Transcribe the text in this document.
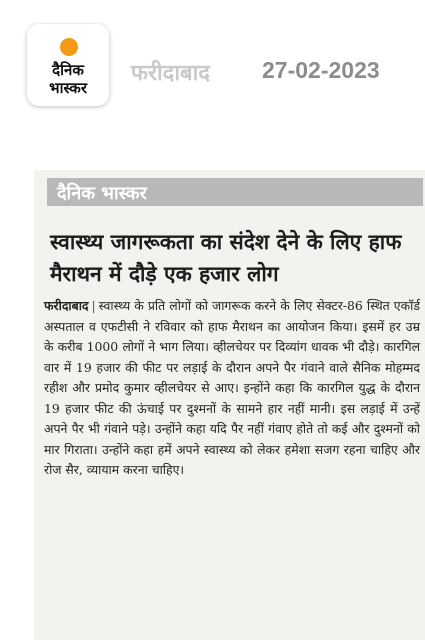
दैनिक
भास्कर
फरीदाबाद 27-02-2023
दैनिक भास्कर
स्वास्थ्य जागरूकता का संदेश देने के लिए हाफ मैराथन में दौड़े एक हजार लोग
फरीदाबाद | स्वास्थ्य के प्रति लोगों को जागरूक करने के लिए सेक्टर-86 स्थित एकॉर्ड अस्पताल व एफटीसी ने रविवार को हाफ मैराथन का आयोजन किया। इसमें हर उम्र के करीब 1000 लोगों ने भाग लिया। व्हीलचेयर पर दिव्यांग धावक भी दौड़े। कारगिल वार में 19 हजार की फीट पर लड़ाई के दौरान अपने पैर गंवाने वाले सैनिक मोहम्मद रहीश और प्रमोद कुमार व्हीलचेयर से आए। इन्होंने कहा कि कारगिल युद्ध के दौरान 19 हजार फीट की ऊंचाई पर दुश्मनों के सामने हार नहीं मानी। इस लड़ाई में उन्हें अपने पैर भी गंवाने पड़े। उन्होंने कहा यदि पैर नहीं गंवाए होते तो कई और दुश्मनों को मार गिराता। उन्होंने कहा हमें अपने स्वास्थ्य को लेकर हमेशा सजग रहना चाहिए और रोज सैर, व्यायाम करना चाहिए।
